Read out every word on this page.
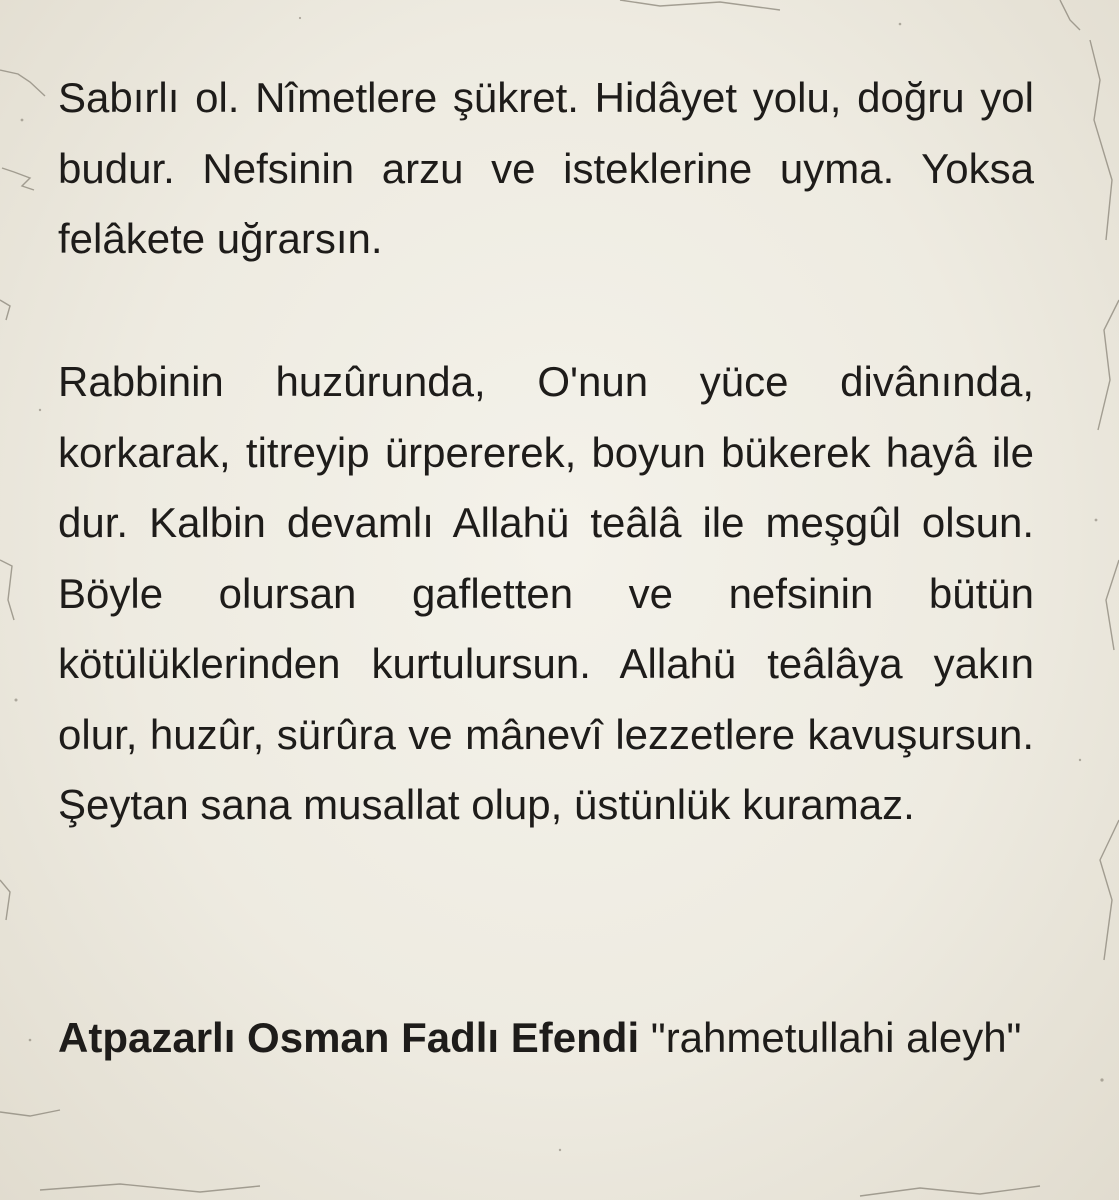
Sabırlı ol. Nîmetlere şükret. Hidâyet yolu, doğru yol budur. Nefsinin arzu ve isteklerine uyma. Yoksa felâkete uğrarsın.

Rabbinin huzûrunda, O'nun yüce divânında, korkarak, titreyip ürpererek, boyun bükerek hayâ ile dur. Kalbin devamlı Allahü teâlâ ile meşgûl olsun. Böyle olursan gafletten ve nefsinin bütün kötülüklerinden kurtulursun. Allahü teâlâya yakın olur, huzûr, sürûra ve mânevî lezzetlere kavuşursun. Şeytan sana musallat olup, üstünlük kuramaz.

Atpazarlı Osman Fadlı Efendi "rahmetullahi aleyh"
